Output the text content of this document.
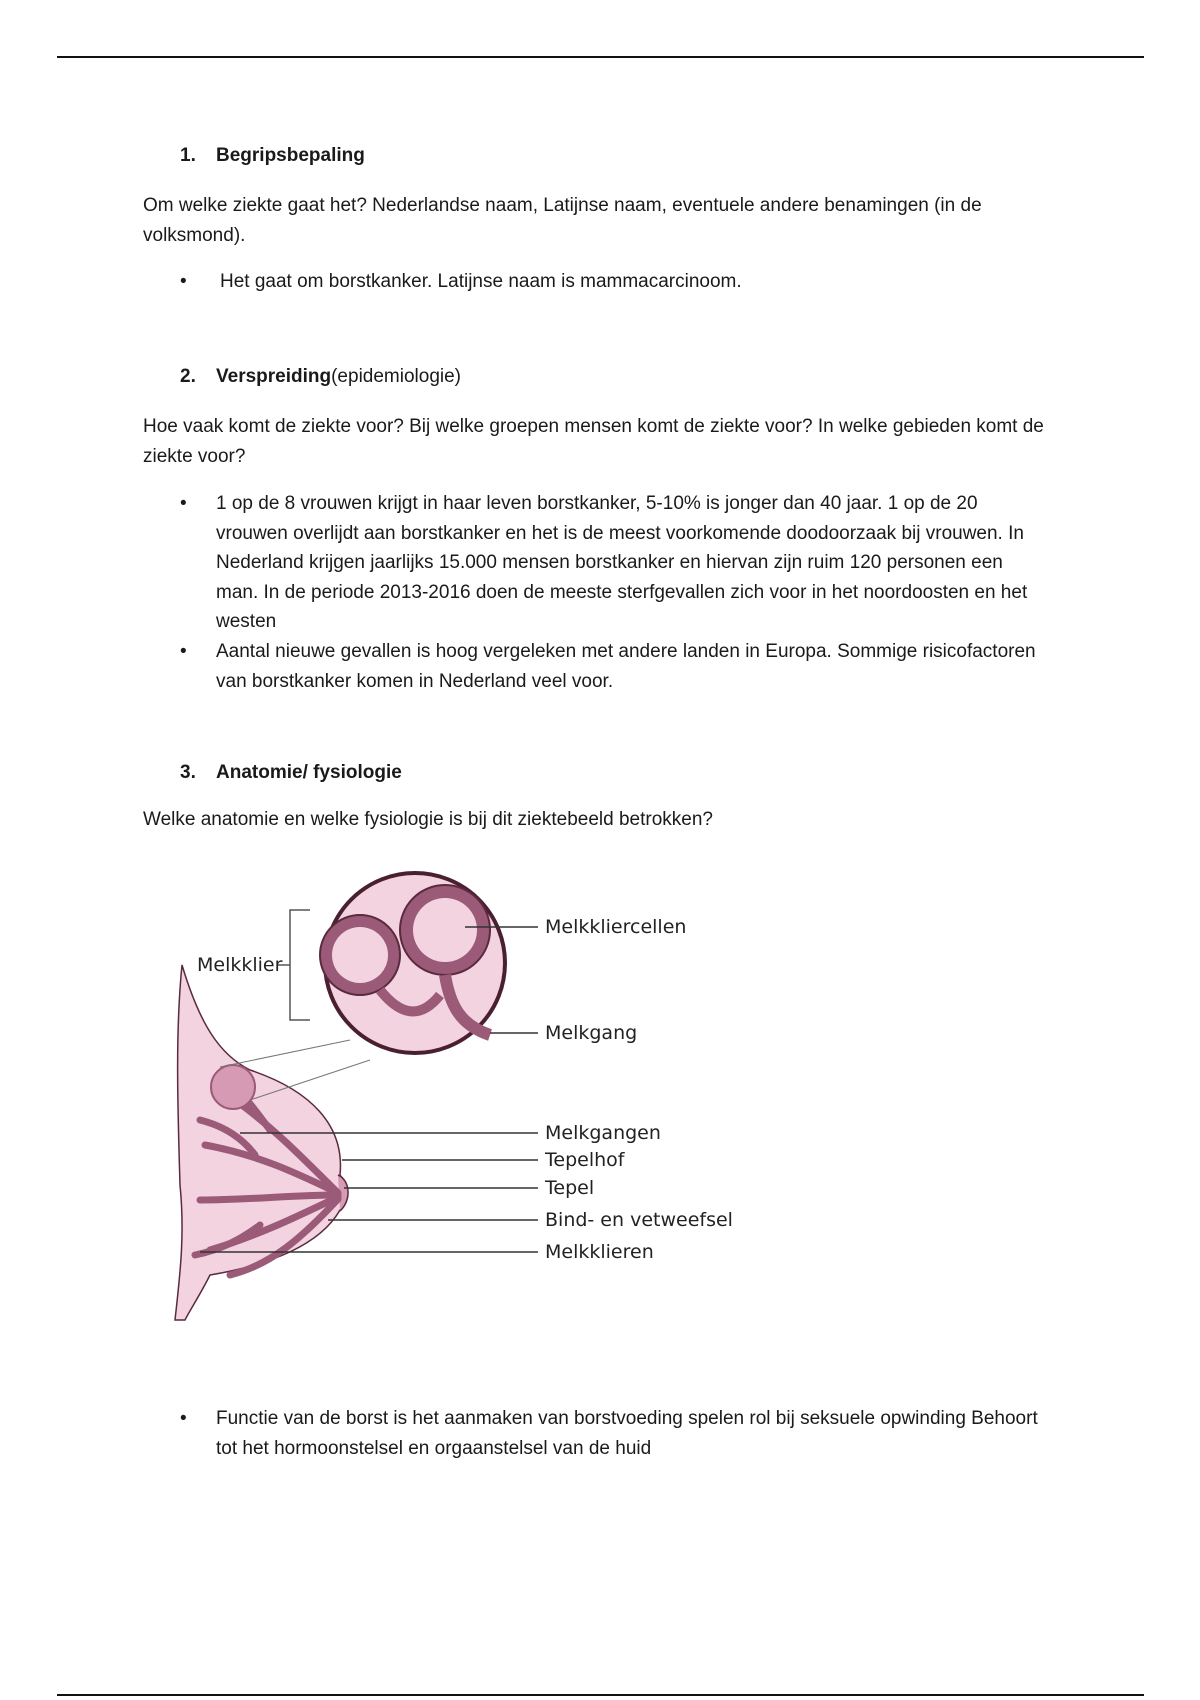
1. Begripsbepaling
Om welke ziekte gaat het? Nederlandse naam, Latijnse naam, eventuele andere benamingen (in de volksmond).
• Het gaat om borstkanker. Latijnse naam is mammacarcinoom.
2. Verspreiding(epidemiologie)
Hoe vaak komt de ziekte voor? Bij welke groepen mensen komt de ziekte voor? In welke gebieden komt de ziekte voor?
• 1 op de 8 vrouwen krijgt in haar leven borstkanker, 5-10% is jonger dan 40 jaar. 1 op de 20 vrouwen overlijdt aan borstkanker en het is de meest voorkomende doodoorzaak bij vrouwen. In Nederland krijgen jaarlijks 15.000 mensen borstkanker en hiervan zijn ruim 120 personen een man. In de periode 2013-2016 doen de meeste sterfgevallen zich voor in het noordoosten en het westen
• Aantal nieuwe gevallen is hoog vergeleken met andere landen in Europa. Sommige risicofactoren van borstkanker komen in Nederland veel voor.
3. Anatomie/ fysiologie
Welke anatomie en welke fysiologie is bij dit ziektebeeld betrokken?
Melkklier
Melkkliercellen
Melkgang
Melkgangen
Tepelhof
Tepel
Bind- en vetweefsel
Melkklieren
• Functie van de borst is het aanmaken van borstvoeding spelen rol bij seksuele opwinding Behoort tot het hormoonstelsel en orgaanstelsel van de huid
